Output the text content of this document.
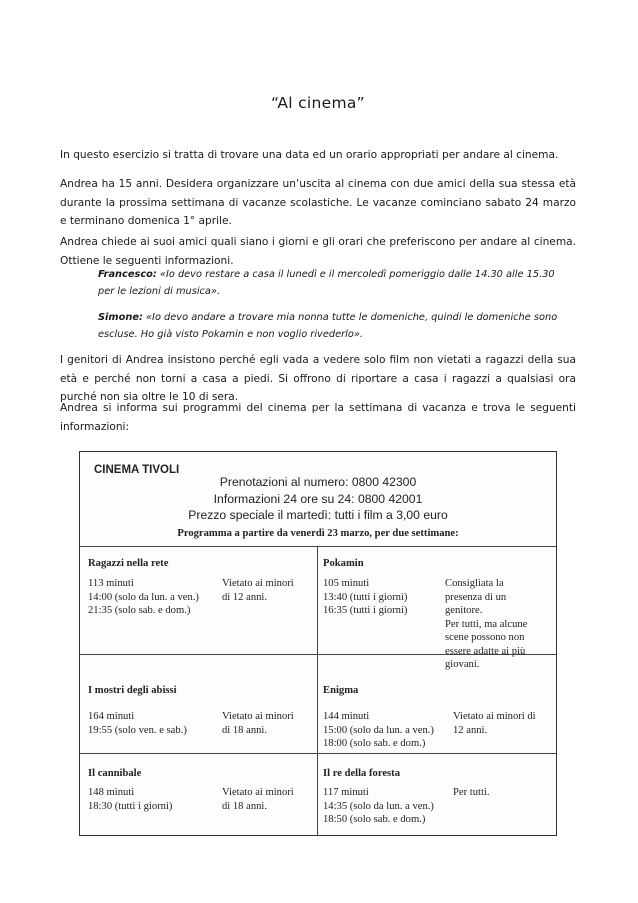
“Al cinema”
In questo esercizio si tratta di trovare una data ed un orario appropriati per andare al cinema.
Andrea ha 15 anni. Desidera organizzare un’uscita al cinema con due amici della sua stessa età durante la prossima settimana di vacanze scolastiche. Le vacanze cominciano sabato 24 marzo e terminano domenica 1° aprile.
Andrea chiede ai suoi amici quali siano i giorni e gli orari che preferiscono per andare al cinema. Ottiene le seguenti informazioni.
Francesco: «Io devo restare a casa il lunedì e il mercoledì pomeriggio dalle 14.30 alle 15.30 per le lezioni di musica».
Simone: «Io devo andare a trovare mia nonna tutte le domeniche, quindi le domeniche sono escluse. Ho già visto Pokamin e non voglio rivederlo».
I genitori di Andrea insistono perché egli vada a vedere solo film non vietati a ragazzi della sua età e perché non torni a casa a piedi. Si offrono di riportare a casa i ragazzi a qualsiasi ora purché non sia oltre le 10 di sera.
Andrea si informa sui programmi del cinema per la settimana di vacanza e trova le seguenti informazioni:
CINEMA TIVOLI
Prenotazioni al numero: 0800 42300
Informazioni 24 ore su 24: 0800 42001
Prezzo speciale il martedì: tutti i film a 3,00 euro
Programma a partire da venerdì 23 marzo, per due settimane:
Ragazzi nella rete
113 minuti
14:00 (solo da lun. a ven.)
21:35 (solo sab. e dom.)
Vietato ai minori
di 12 anni.
Pokamin
105 minuti
13:40 (tutti i giorni)
16:35 (tutti i giorni)
Consigliata la
presenza di un
genitore.
Per tutti, ma alcune
scene possono non
essere adatte ai più
giovani.
I mostri degli abissi
164 minuti
19:55 (solo ven. e sab.)
Vietato ai minori
di 18 anni.
Enigma
144 minuti
15:00 (solo da lun. a ven.)
18:00 (solo sab. e dom.)
Vietato ai minori di
12 anni.
Il cannibale
148 minuti
18:30 (tutti i giorni)
Vietato ai minori
di 18 anni.
Il re della foresta
117 minuti
14:35 (solo da lun. a ven.)
18:50 (solo sab. e dom.)
Per tutti.
